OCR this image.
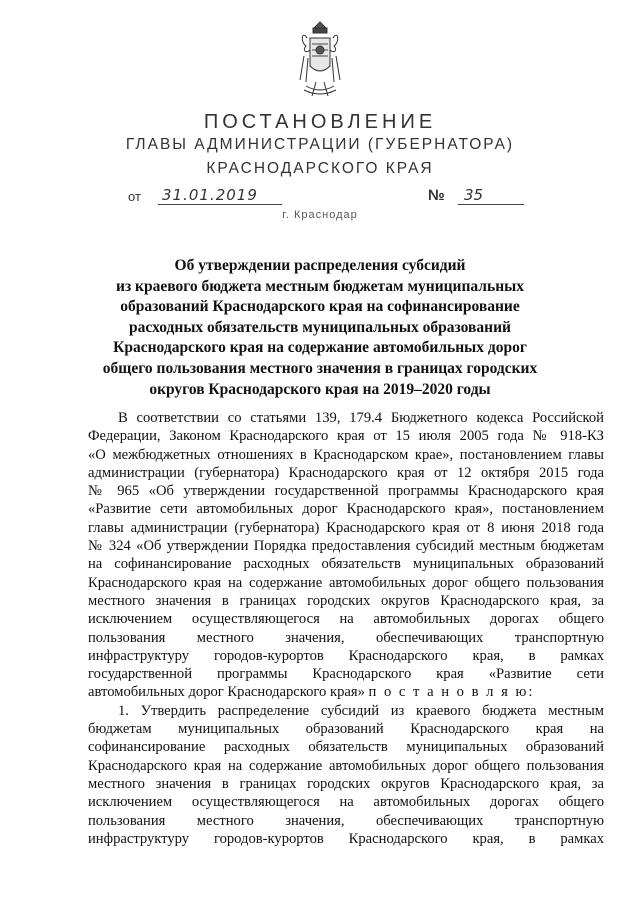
ПОСТАНОВЛЕНИЕ
ГЛАВЫ АДМИНИСТРАЦИИ (ГУБЕРНАТОРА)
КРАСНОДАРСКОГО КРАЯ
от 31.01.2019	№	35
г. Краснодар
Об утверждении распределения субсидий
из краевого бюджета местным бюджетам муниципальных
образований Краснодарского края на софинансирование
расходных обязательств муниципальных образований
Краснодарского края на содержание автомобильных дорог
общего пользования местного значения в границах городских
округов Краснодарского края на 2019–2020 годы
В соответствии со статьями 139, 179.4 Бюджетного кодекса Российской
Федерации, Законом Краснодарского края от 15 июля 2005 года № 918-КЗ
«О межбюджетных отношениях в Краснодарском крае», постановлением главы
администрации (губернатора) Краснодарского края от 12 октября 2015 года
№ 965 «Об утверждении государственной программы Краснодарского края
«Развитие сети автомобильных дорог Краснодарского края», постановлением
главы администрации (губернатора) Краснодарского края от 8 июня 2018 года
№ 324 «Об утверждении Порядка предоставления субсидий местным бюджетам
на софинансирование расходных обязательств муниципальных образований
Краснодарского края на содержание автомобильных дорог общего пользования
местного значения в границах городских округов Краснодарского края, за
исключением осуществляющегося на автомобильных дорогах общего
пользования местного значения, обеспечивающих транспортную
инфраструктуру городов-курортов Краснодарского края, в рамках
государственной программы Краснодарского края «Развитие сети
автомобильных дорог Краснодарского края» п о с т а н о в л я ю:
1. Утвердить распределение субсидий из краевого бюджета местным
бюджетам муниципальных образований Краснодарского края на
софинансирование расходных обязательств муниципальных образований
Краснодарского края на содержание автомобильных дорог общего пользования
местного значения в границах городских округов Краснодарского края, за
исключением осуществляющегося на автомобильных дорогах общего
пользования местного значения, обеспечивающих транспортную
инфраструктуру городов-курортов Краснодарского края, в рамках
